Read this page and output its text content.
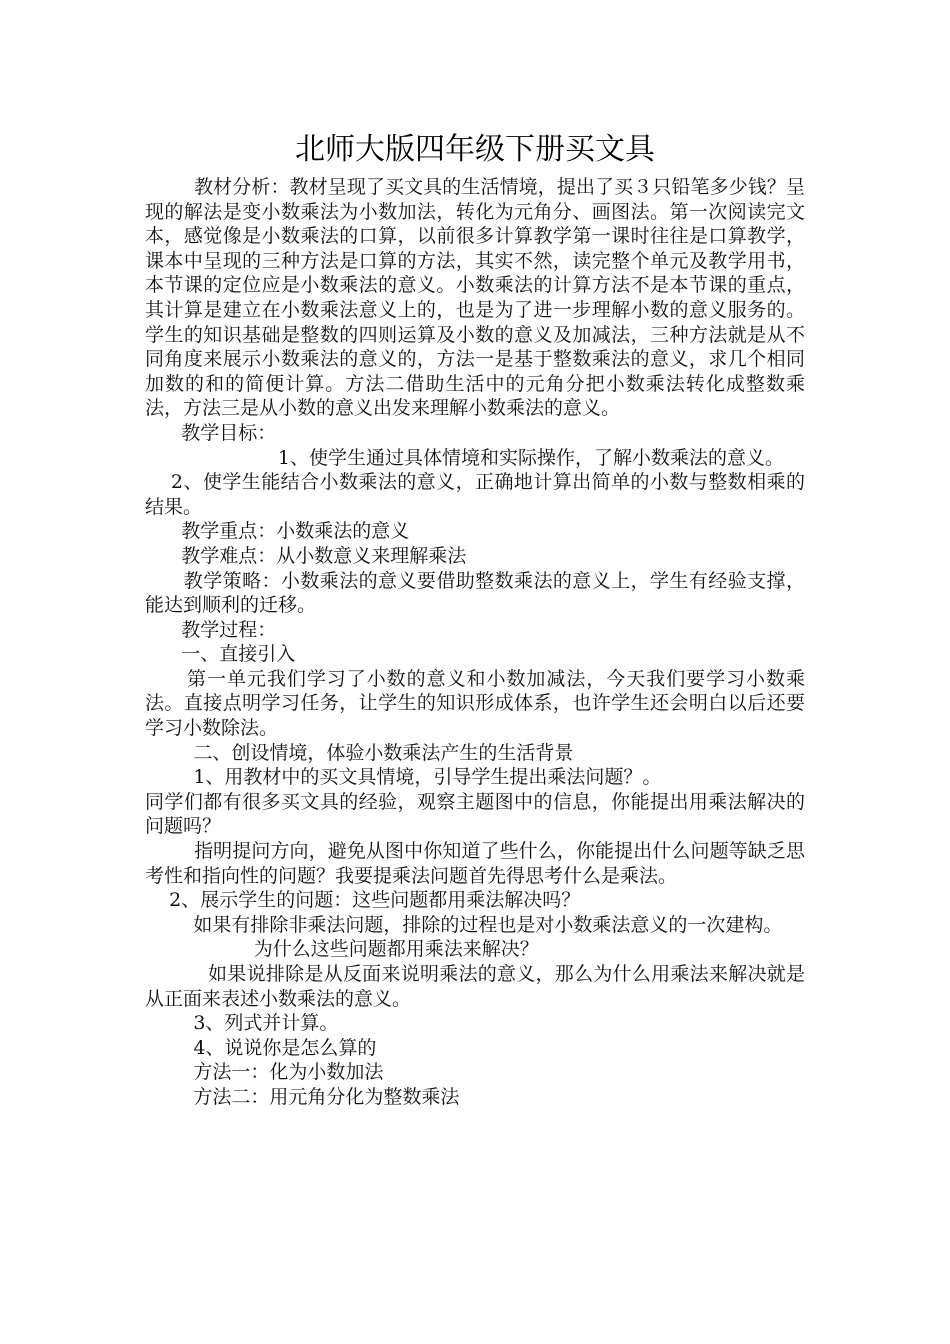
北师大版四年级下册买文具

教材分析：教材呈现了买文具的生活情境，提出了买３只铅笔多少钱？呈现的解法是变小数乘法为小数加法，转化为元角分、画图法。第一次阅读完文本，感觉像是小数乘法的口算，以前很多计算教学第一课时往往是口算教学，课本中呈现的三种方法是口算的方法，其实不然，读完整个单元及教学用书，本节课的定位应是小数乘法的意义。小数乘法的计算方法不是本节课的重点，其计算是建立在小数乘法意义上的，也是为了进一步理解小数的意义服务的。学生的知识基础是整数的四则运算及小数的意义及加减法，三种方法就是从不同角度来展示小数乘法的意义的，方法一是基于整数乘法的意义，求几个相同加数的和的简便计算。方法二借助生活中的元角分把小数乘法转化成整数乘法，方法三是从小数的意义出发来理解小数乘法的意义。

教学目标：

1、使学生通过具体情境和实际操作，了解小数乘法的意义。

2、使学生能结合小数乘法的意义，正确地计算出简单的小数与整数相乘的结果。

教学重点：小数乘法的意义

教学难点：从小数意义来理解乘法

教学策略：小数乘法的意义要借助整数乘法的意义上，学生有经验支撑，能达到顺利的迁移。

教学过程：

一、直接引入

第一单元我们学习了小数的意义和小数加减法，今天我们要学习小数乘法。直接点明学习任务，让学生的知识形成体系，也许学生还会明白以后还要学习小数除法。

二、创设情境，体验小数乘法产生的生活背景

1、用教材中的买文具情境，引导学生提出乘法问题？。

同学们都有很多买文具的经验，观察主题图中的信息，你能提出用乘法解决的问题吗？

指明提问方向，避免从图中你知道了些什么，你能提出什么问题等缺乏思考性和指向性的问题？我要提乘法问题首先得思考什么是乘法。

2、展示学生的问题：这些问题都用乘法解决吗？

如果有排除非乘法问题，排除的过程也是对小数乘法意义的一次建构。

为什么这些问题都用乘法来解决？

如果说排除是从反面来说明乘法的意义，那么为什么用乘法来解决就是从正面来表述小数乘法的意义。

3、列式并计算。

4、说说你是怎么算的

方法一：化为小数加法

方法二：用元角分化为整数乘法
